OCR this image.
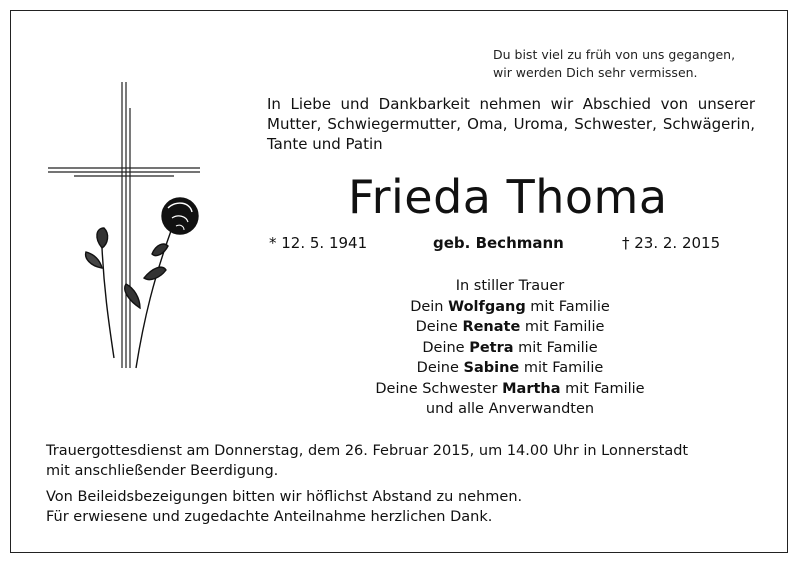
Du bist viel zu früh von uns gegangen,
wir werden Dich sehr vermissen.
In Liebe und Dankbarkeit nehmen wir Abschied von unserer Mutter, Schwiegermutter, Oma, Uroma, Schwester, Schwägerin, Tante und Patin
Frieda Thoma
* 12. 5. 1941	geb. Bechmann	† 23. 2. 2015
In stiller Trauer
Dein Wolfgang mit Familie
Deine Renate mit Familie
Deine Petra mit Familie
Deine Sabine mit Familie
Deine Schwester Martha mit Familie
und alle Anverwandten
Trauergottesdienst am Donnerstag, dem 26. Februar 2015, um 14.00 Uhr in Lonnerstadt
mit anschließender Beerdigung.
Von Beileidsbezeigungen bitten wir höflichst Abstand zu nehmen.
Für erwiesene und zugedachte Anteilnahme herzlichen Dank.
